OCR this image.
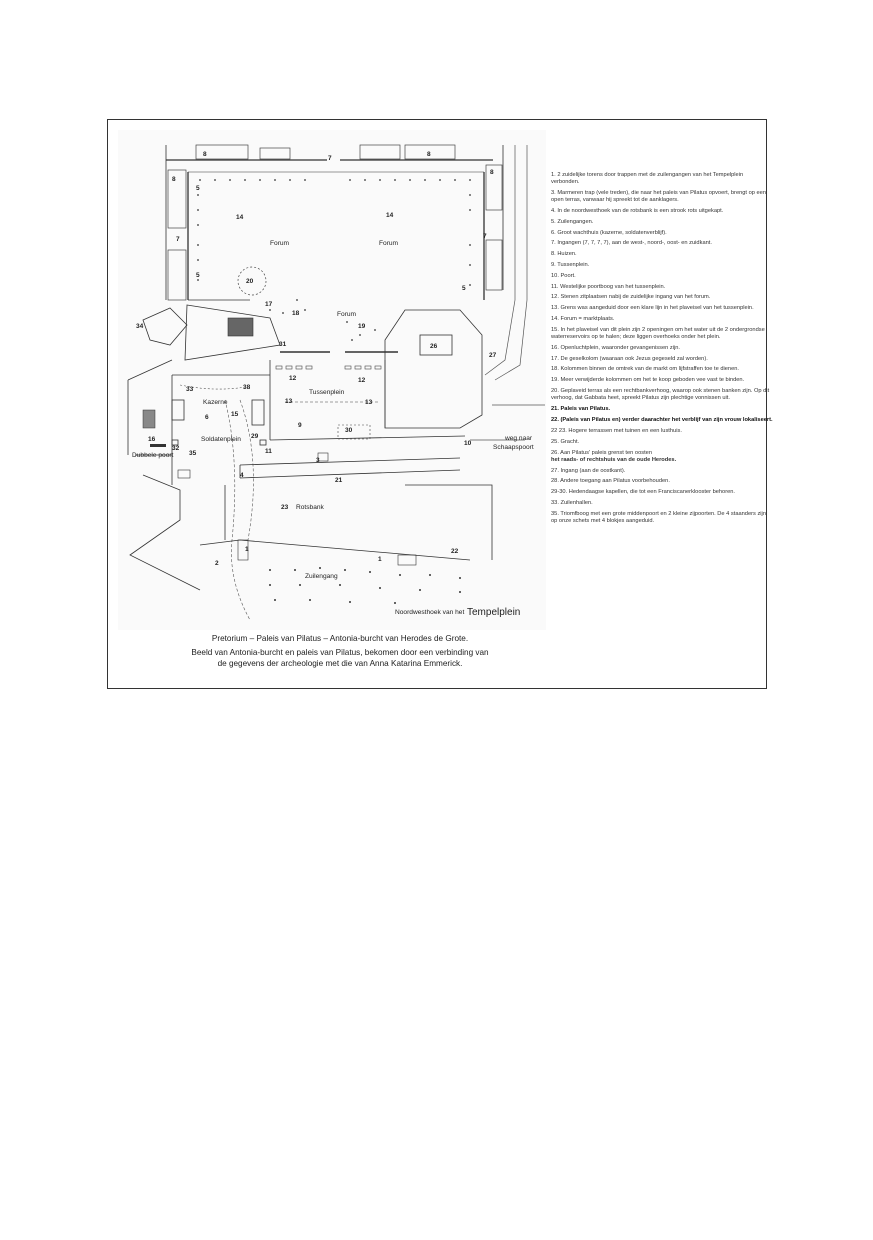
1
1
2
3
4
5
5
5
6
7
7	7
8	8
8
8
9
10
11
12	12
13	13
14	14
15
16
17
18
19
20
21
22
23
26
27
29
30
31
32
33
34
35
38
Forum	Forum
Forum
Tussenplein
Kazerne
Soldatenplein
Dubbele poort
Rotsbank
Zuilengang
weg naar
Schaapspoort
Noordwesthoek van het Tempelplein
1. 2 zuidelijke torens door trappen met de zuilengangen van het Tempelplein verbonden.
3. Marmeren trap (vele treden), die naar het paleis van Pilatus opvoert, brengt op een open terras, vanwaar hij spreekt tot de aanklagers.
4. In de noordwesthoek van de rotsbank is een strook rots uitgekapt.
5. Zuilengangen.
6. Groot wachthuis (kazerne, soldatenverblijf).
7. Ingangen (7, 7, 7, 7), aan de west-, noord-, oost- en zuidkant.
8. Huizen.
9. Tussenplein.
10. Poort.
11. Westelijke poortboog van het tussenplein.
12. Stenen zitplaatsen nabij de zuidelijke ingang van het forum.
13. Grens was aangeduid door een klare lijn in het plaveisel van het tussenplein.
14. Forum = marktplaats.
15. In het plaveisel van dit plein zijn 2 openingen om het water uit de 2 ondergrondse waterreservoirs op te halen; deze liggen overhoeks onder het plein.
16. Openluchtplein, waaronder gevangenissen zijn.
17. De geselkolom (waaraan ook Jezus gegeseld zal worden).
18. Kolommen binnen de omtrek van de markt om lijfstraffen toe te dienen.
19. Meer verwijderde kolommen om het te koop geboden vee vast te binden.
20. Geplaveid terras als een rechtbankverhoog, waarop ook stenen banken zijn. Op dit verhoog, dat Gabbata heet, spreekt Pilatus zijn plechtige vonnissen uit.
21. Paleis van Pilatus.
22. (Paleis van Pilatus en) verder daarachter het verblijf van zijn vrouw lokaliseert.
22 23. Hogere terrassen met tuinen en een lusthuis.
25. Gracht.
26. Aan Pilatus' paleis grenst ten oosten
het raads- of rechtshuis van de oude Herodes.
27. Ingang (aan de oostkant).
28. Andere toegang aan Pilatus voorbehouden.
29-30. Hedendaagse kapellen, die tot een Franciscanerklooster behoren.
33. Zuilenhallen.
35. Triomfboog met een grote middenpoort en 2 kleine zijpoorten. De 4 staanders zijn op onze schets met 4 blokjes aangeduid.
Pretorium – Paleis van Pilatus – Antonia-burcht van Herodes de Grote.
Beeld van Antonia-burcht en paleis van Pilatus, bekomen door een verbinding van
de gegevens der archeologie met die van Anna Katarina Emmerick.
